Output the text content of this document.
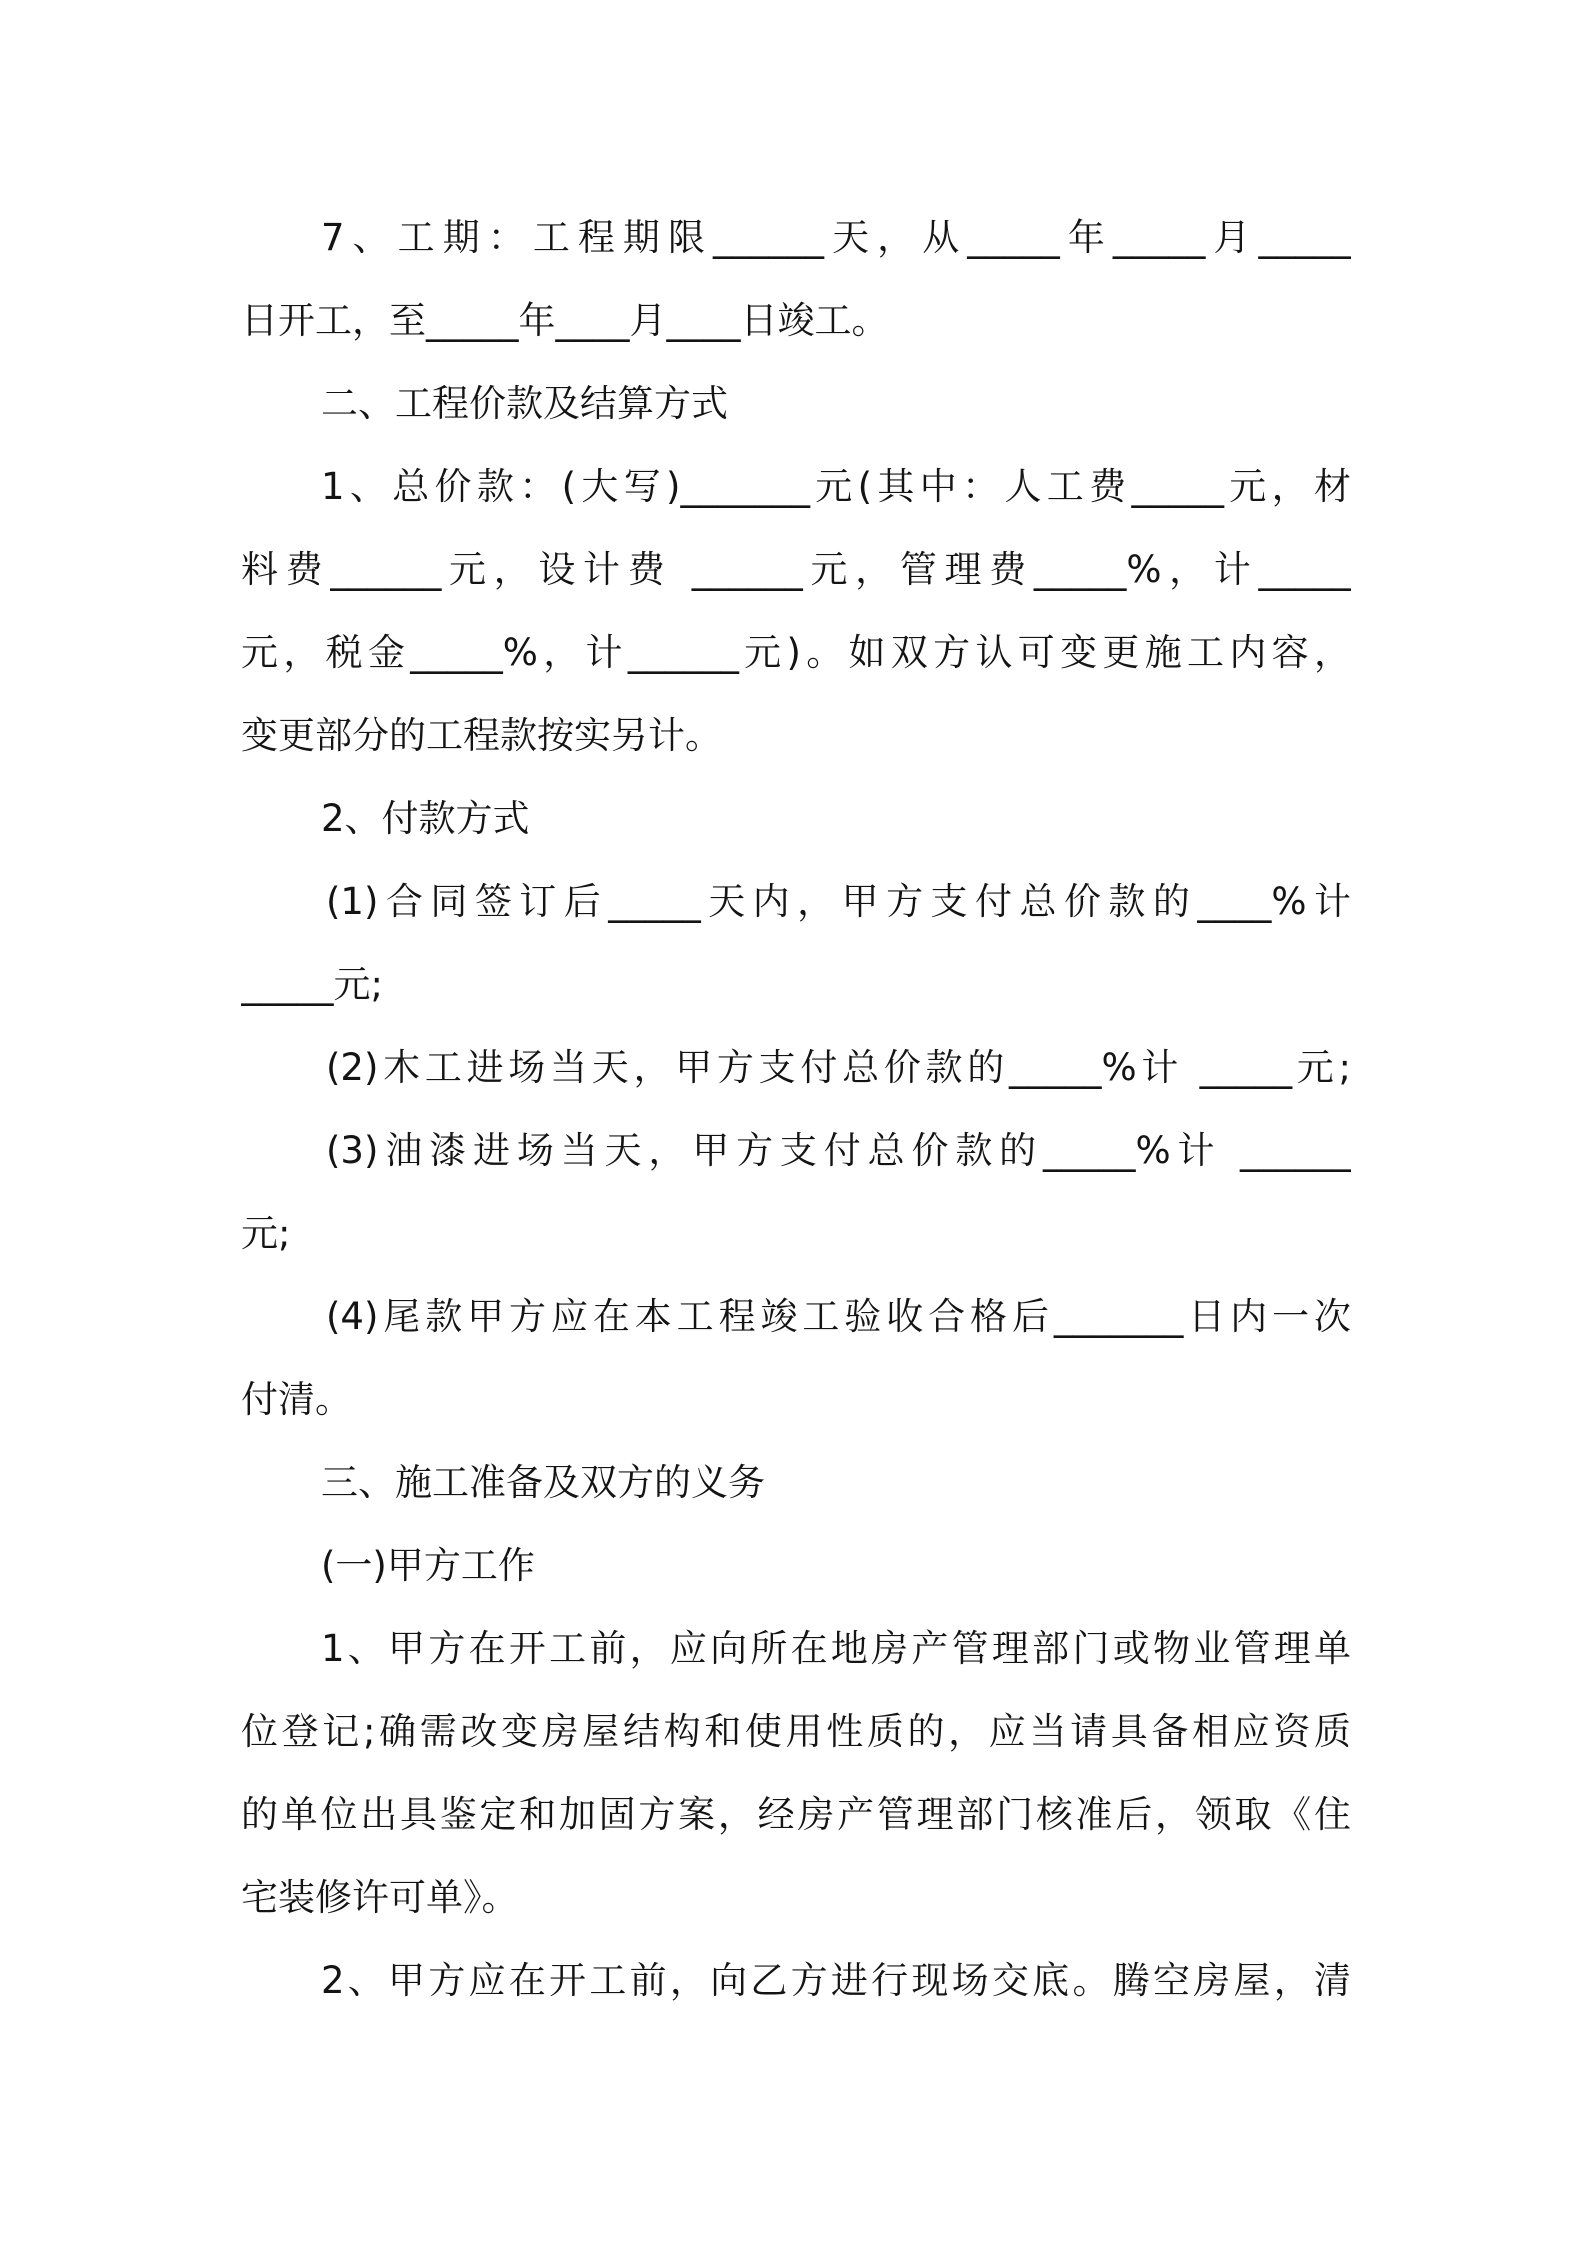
7、工期：工程期限______天，从_____年_____月_____
日开工，至_____年____月____日竣工。
二、工程价款及结算方式
1、总价款：(大写)_______元(其中：人工费_____元，材
料费______元，设计费 ______元，管理费_____%，计_____
元，税金_____%，计______元)。如双方认可变更施工内容，
变更部分的工程款按实另计。
2、付款方式
(1)合同签订后_____天内，甲方支付总价款的____%计
_____元;
(2)木工进场当天，甲方支付总价款的_____%计 _____元;
(3)油漆进场当天，甲方支付总价款的_____%计 ______
元;
(4)尾款甲方应在本工程竣工验收合格后_______日内一次
付清。
三、施工准备及双方的义务
(一)甲方工作
1、甲方在开工前，应向所在地房产管理部门或物业管理单
位登记;确需改变房屋结构和使用性质的，应当请具备相应资质
的单位出具鉴定和加固方案，经房产管理部门核准后，领取《住
宅装修许可单》。
2、甲方应在开工前，向乙方进行现场交底。腾空房屋，清
